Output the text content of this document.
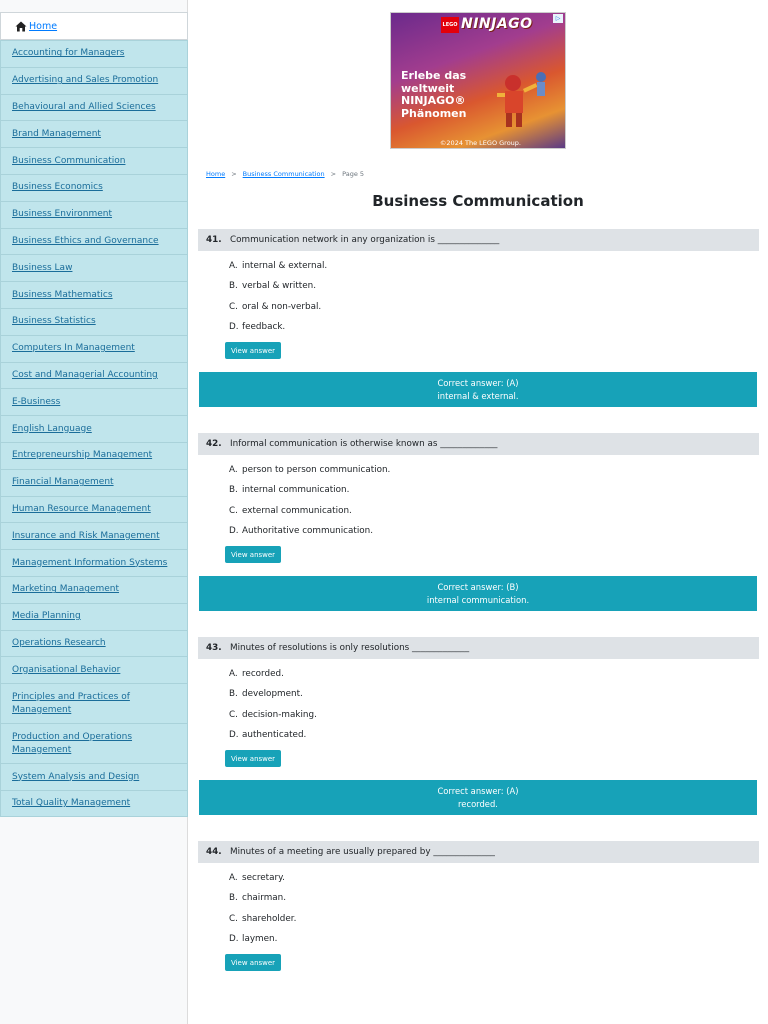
Home
Accounting for Managers
Advertising and Sales Promotion
Behavioural and Allied Sciences
Brand Management
Business Communication
Business Economics
Business Environment
Business Ethics and Governance
Business Law
Business Mathematics
Business Statistics
Computers In Management
Cost and Managerial Accounting
E-Business
English Language
Entrepreneurship Management
Financial Management
Human Resource Management
Insurance and Risk Management
Management Information Systems
Marketing Management
Media Planning
Operations Research
Organisational Behavior
Principles and Practices of Management
Production and Operations Management
System Analysis and Design
Total Quality Management
LEGO NINJAGO	▷
Erlebe das
weltweit
NINJAGO®
Phänomen
©2024 The LEGO Group.
Home > Business Communication > Page 5
Business Communication
41. Communication network in any organization is ______________
A. internal & external.
B. verbal & written.
C. oral & non-verbal.
D. feedback.
View answer
Correct answer: (A)
internal & external.
42. Informal communication is otherwise known as _____________
A. person to person communication.
B. internal communication.
C. external communication.
D. Authoritative communication.
View answer
Correct answer: (B)
internal communication.
43. Minutes of resolutions is only resolutions _____________
A. recorded.
B. development.
C. decision-making.
D. authenticated.
View answer
Correct answer: (A)
recorded.
44. Minutes of a meeting are usually prepared by ______________
A. secretary.
B. chairman.
C. shareholder.
D. laymen.
View answer
